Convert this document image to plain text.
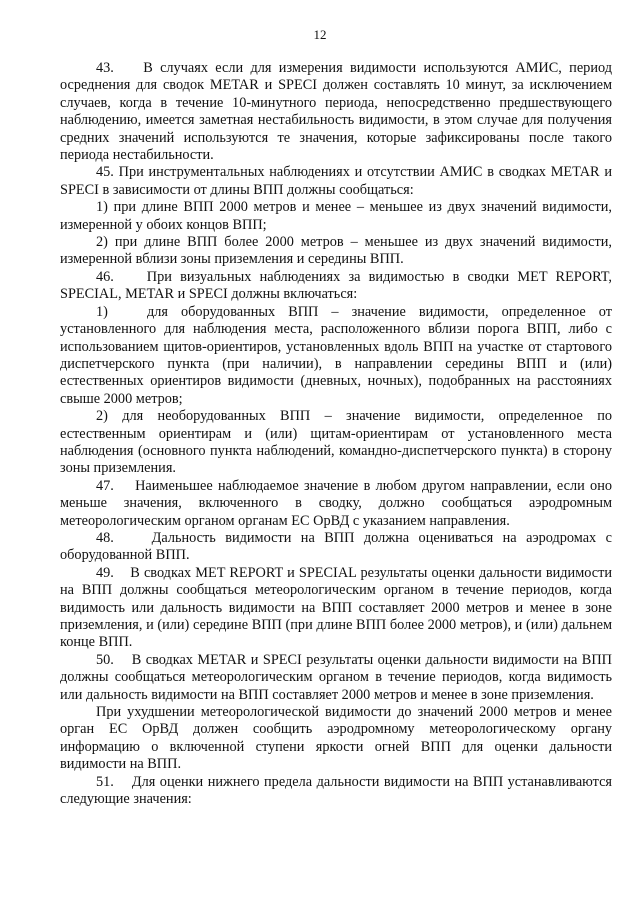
12

43.    В случаях если для измерения видимости используются АМИС, период осреднения для сводок METAR и SPECI должен составлять 10 минут, за исключением случаев, когда в течение 10-минутного периода, непосредственно предшествующего наблюдению, имеется заметная нестабильность видимости, в этом случае для получения средних значений используются те значения, которые зафиксированы после такого периода нестабильности.

45. При инструментальных наблюдениях и отсутствии АМИС в сводках METAR и SPECI в зависимости от длины ВПП должны сообщаться:

1) при длине ВПП 2000 метров и менее – меньшее из двух значений видимости, измеренной у обоих концов ВПП;

2) при длине ВПП более 2000 метров – меньшее из двух значений видимости, измеренной вблизи зоны приземления и середины ВПП.

46.    При визуальных наблюдениях за видимостью в сводки MET REPORT, SPECIAL, METAR и SPECI должны включаться:

1)   для оборудованных ВПП – значение видимости, определенное от установленного для наблюдения места, расположенного вблизи порога ВПП, либо с использованием щитов-ориентиров, установленных вдоль ВПП на участке от стартового диспетчерского пункта (при наличии), в направлении середины ВПП и (или) естественных ориентиров видимости (дневных, ночных), подобранных на расстояниях свыше 2000 метров;

2) для необорудованных ВПП – значение видимости, определенное по естественным ориентирам и (или) щитам-ориентирам от установленного места наблюдения (основного пункта наблюдений, командно-диспетчерского пункта) в сторону зоны приземления.

47.    Наименьшее наблюдаемое значение в любом другом направлении, если оно меньше значения, включенного в сводку, должно сообщаться аэродромным метеорологическим органом органам ЕС ОрВД с указанием направления.

48.    Дальность видимости на ВПП должна оцениваться на аэродромах с оборудованной ВПП.

49.    В сводках MET REPORT и SPECIAL результаты оценки дальности видимости на ВПП должны сообщаться метеорологическим органом в течение периодов, когда видимость или дальность видимости на ВПП составляет 2000 метров и менее в зоне приземления, и (или) середине ВПП (при длине ВПП более 2000 метров), и (или) дальнем конце ВПП.

50.    В сводках METAR и SPECI результаты оценки дальности видимости на ВПП должны сообщаться метеорологическим органом в течение периодов, когда видимость или дальность видимости на ВПП составляет 2000 метров и менее в зоне приземления.

При ухудшении метеорологической видимости до значений 2000 метров и менее орган ЕС ОрВД должен сообщить аэродромному метеорологическому органу информацию о включенной ступени яркости огней ВПП для оценки дальности видимости на ВПП.

51.    Для оценки нижнего предела дальности видимости на ВПП устанавливаются следующие значения:
